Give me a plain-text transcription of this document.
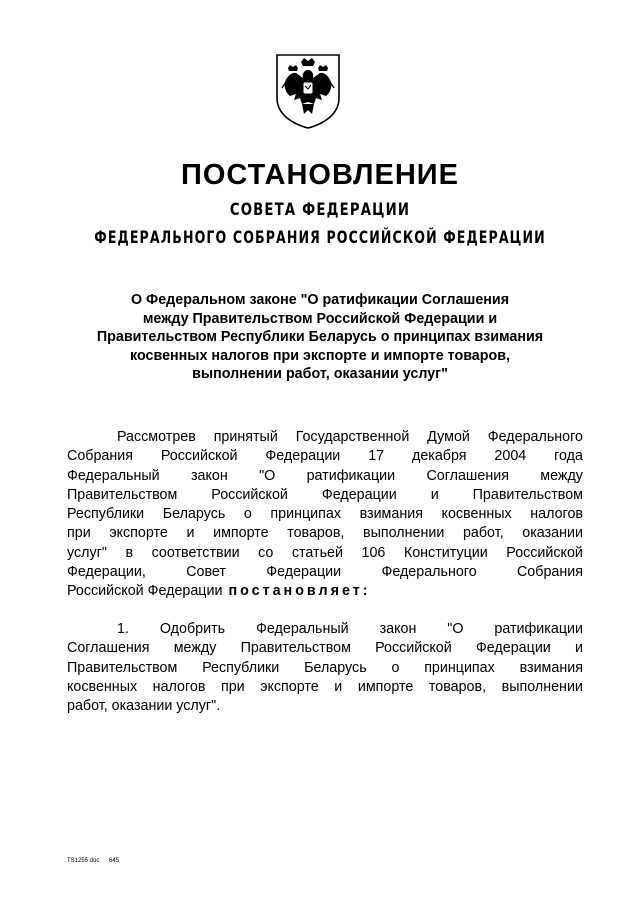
ПОСТАНОВЛЕНИЕ
СОВЕТА ФЕДЕРАЦИИ
ФЕДЕРАЛЬНОГО СОБРАНИЯ РОССИЙСКОЙ ФЕДЕРАЦИИ
О Федеральном законе "О ратификации Соглашения
между Правительством Российской Федерации и
Правительством Республики Беларусь о принципах взимания
косвенных налогов при экспорте и импорте товаров,
выполнении работ, оказании услуг"
Рассмотрев принятый Государственной Думой Федерального
Собрания Российской Федерации 17 декабря 2004 года
Федеральный закон "О ратификации Соглашения между
Правительством Российской Федерации и Правительством
Республики Беларусь о принципах взимания косвенных налогов
при экспорте и импорте товаров, выполнении работ, оказании
услуг" в соответствии со статьей 106 Конституции Российской
Федерации,	Совет	Федерации	Федерального	Собрания
Российской Федерации постановляет:
1. Одобрить Федеральный закон "О ратификации
Соглашения между Правительством Российской Федерации и
Правительством Республики Беларусь о принципах взимания
косвенных налогов при экспорте и импорте товаров, выполнении
работ, оказании услуг".
TS1255 doc 645
